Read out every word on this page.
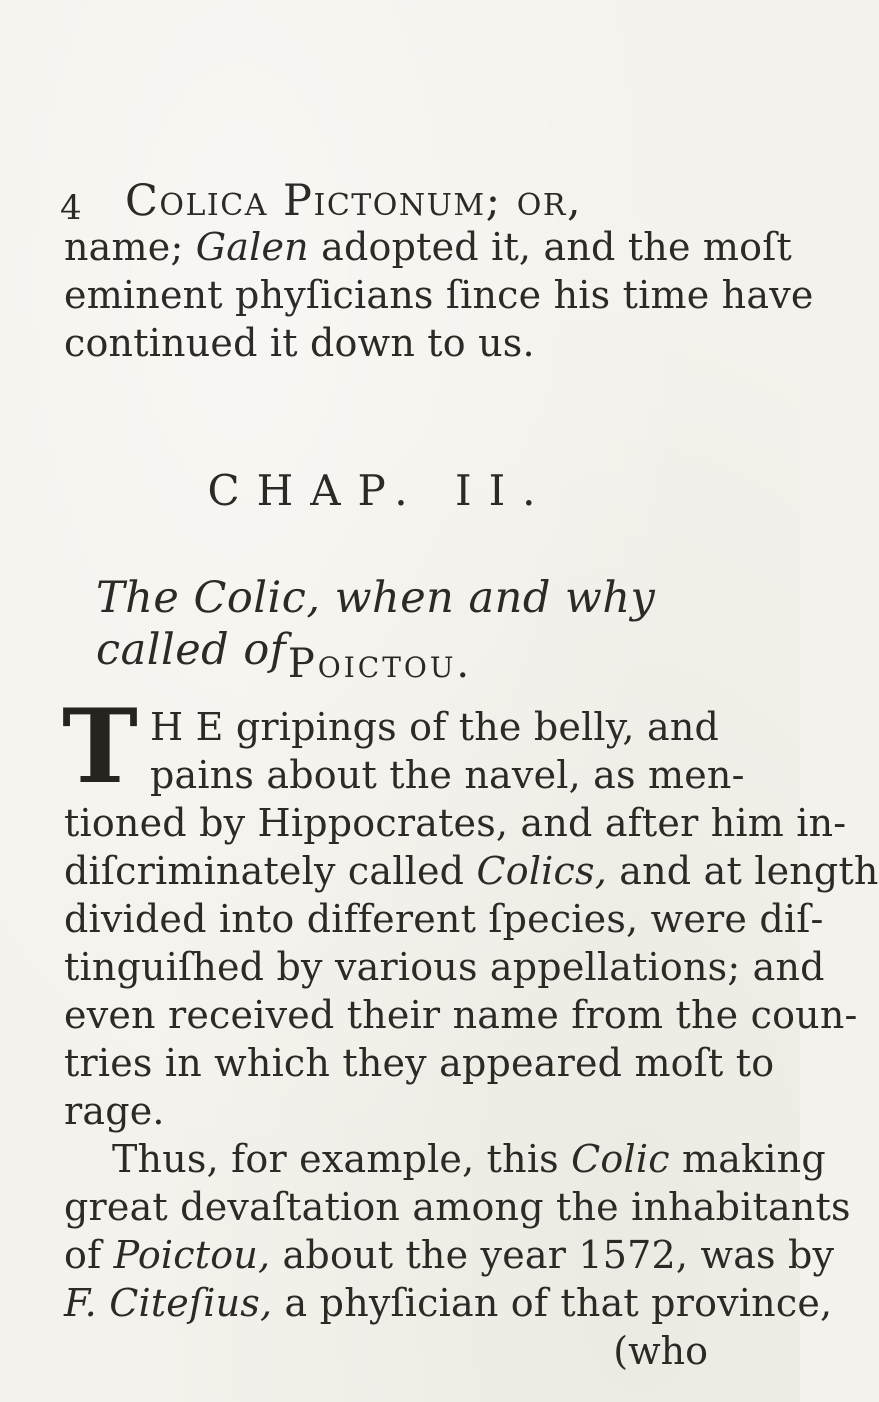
4 Colica Pictonum; or,
name; Galen adopted it, and the moſt
eminent phyſicians ſince his time have
continued it down to us.
CHAP. II.
The Colic, when and why called of Poictou.
T H E gripings of the belly, and
pains about the navel, as men-
tioned by Hippocrates, and after him in-
diſcriminately called Colics, and at length
divided into different ſpecies, were diſ-
tinguiſhed by various appellations; and
even received their name from the coun-
tries in which they appeared moſt to
rage.
Thus, for example, this Colic making
great devaſtation among the inhabitants
of Poictou, about the year 1572, was by
F. Citeſius, a phyſician of that province,
(who
